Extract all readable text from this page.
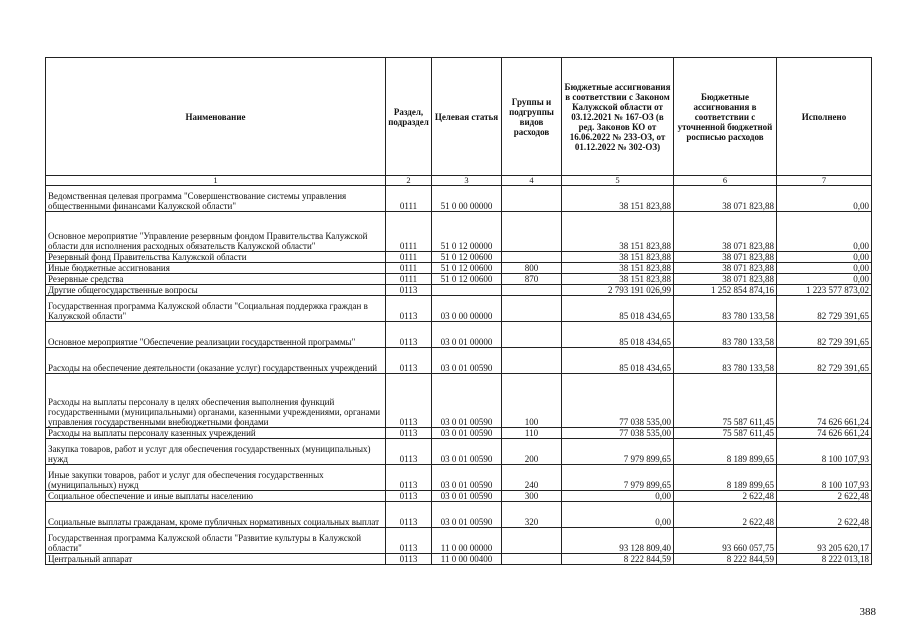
Наименование	Раздел, подраздел	Целевая статья	Группы и подгруппы видов расходов	Бюджетные ассигнования в соответствии с Законом Калужской области от 03.12.2021 № 167-ОЗ (в ред. Законов КО от 16.06.2022 № 233-ОЗ, от 01.12.2022 № 302-ОЗ)	Бюджетные ассигнования в соответствии с уточненной бюджетной росписью расходов	Исполнено
1	2	3	4	5	6	7
Ведомственная целевая программа "Совершенствование системы управления общественными финансами Калужской области"	0111	51 0 00 00000		38 151 823,88	38 071 823,88	0,00
Основное мероприятие "Управление резервным фондом Правительства Калужской области для исполнения расходных обязательств Калужской области"	0111	51 0 12 00000		38 151 823,88	38 071 823,88	0,00
Резервный фонд Правительства Калужской области	0111	51 0 12 00600		38 151 823,88	38 071 823,88	0,00
Иные бюджетные ассигнования	0111	51 0 12 00600	800	38 151 823,88	38 071 823,88	0,00
Резервные средства	0111	51 0 12 00600	870	38 151 823,88	38 071 823,88	0,00
Другие общегосударственные вопросы	0113			2 793 191 026,99	1 252 854 874,16	1 223 577 873,02
Государственная программа Калужской области "Социальная поддержка граждан в Калужской области"	0113	03 0 00 00000		85 018 434,65	83 780 133,58	82 729 391,65
Основное мероприятие "Обеспечение реализации государственной программы"	0113	03 0 01 00000		85 018 434,65	83 780 133,58	82 729 391,65
Расходы на обеспечение деятельности (оказание услуг) государственных учреждений	0113	03 0 01 00590		85 018 434,65	83 780 133,58	82 729 391,65
Расходы на выплаты персоналу в целях обеспечения выполнения функций государственными (муниципальными) органами, казенными учреждениями, органами управления государственными внебюджетными фондами	0113	03 0 01 00590	100	77 038 535,00	75 587 611,45	74 626 661,24
Расходы на выплаты персоналу казенных учреждений	0113	03 0 01 00590	110	77 038 535,00	75 587 611,45	74 626 661,24
Закупка товаров, работ и услуг для обеспечения государственных (муниципальных) нужд	0113	03 0 01 00590	200	7 979 899,65	8 189 899,65	8 100 107,93
Иные закупки товаров, работ и услуг для обеспечения государственных (муниципальных) нужд	0113	03 0 01 00590	240	7 979 899,65	8 189 899,65	8 100 107,93
Социальное обеспечение и иные выплаты населению	0113	03 0 01 00590	300	0,00	2 622,48	2 622,48
Социальные выплаты гражданам, кроме публичных нормативных социальных выплат	0113	03 0 01 00590	320	0,00	2 622,48	2 622,48
Государственная программа Калужской области "Развитие культуры в Калужской области"	0113	11 0 00 00000		93 128 809,40	93 660 057,75	93 205 620,17
Центральный аппарат	0113	11 0 00 00400		8 222 844,59	8 222 844,59	8 222 013,18
388
